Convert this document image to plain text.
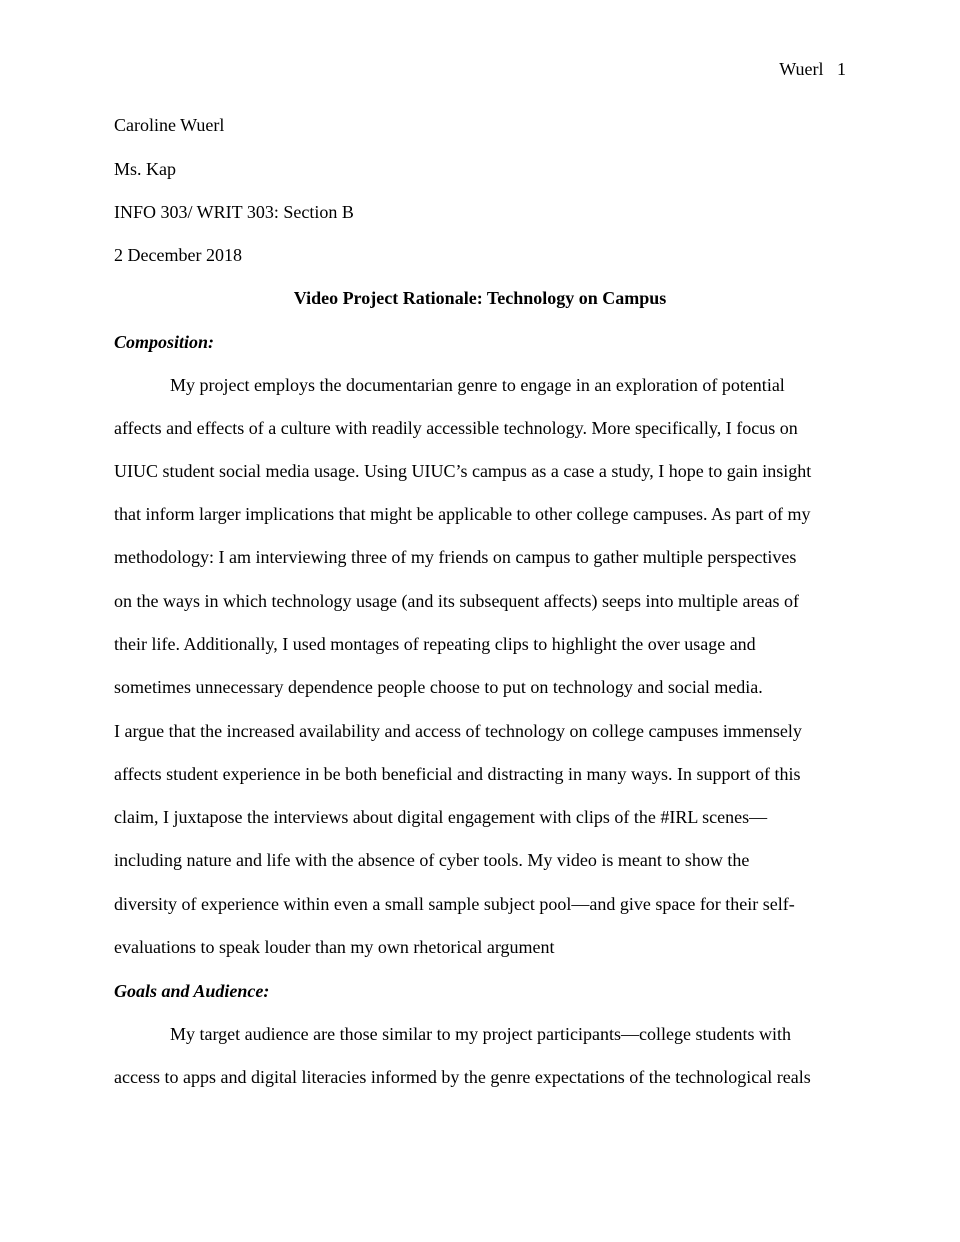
Wuerl   1
Caroline Wuerl
Ms. Kap
INFO 303/ WRIT 303: Section B
2 December 2018
Video Project Rationale: Technology on Campus
Composition:
My project employs the documentarian genre to engage in an exploration of potential
affects and effects of a culture with readily accessible technology. More specifically, I focus on
UIUC student social media usage. Using UIUC’s campus as a case a study, I hope to gain insight
that inform larger implications that might be applicable to other college campuses. As part of my
methodology: I am interviewing three of my friends on campus to gather multiple perspectives
on the ways in which technology usage (and its subsequent affects) seeps into multiple areas of
their life. Additionally, I used montages of repeating clips to highlight the over usage and
sometimes unnecessary dependence people choose to put on technology and social media.
I argue that the increased availability and access of technology on college campuses immensely
affects student experience in be both beneficial and distracting in many ways. In support of this
claim, I juxtapose the interviews about digital engagement with clips of the #IRL scenes—
including nature and life with the absence of cyber tools. My video is meant to show the
diversity of experience within even a small sample subject pool—and give space for their self-
evaluations to speak louder than my own rhetorical argument
Goals and Audience:
My target audience are those similar to my project participants—college students with
access to apps and digital literacies informed by the genre expectations of the technological reals
